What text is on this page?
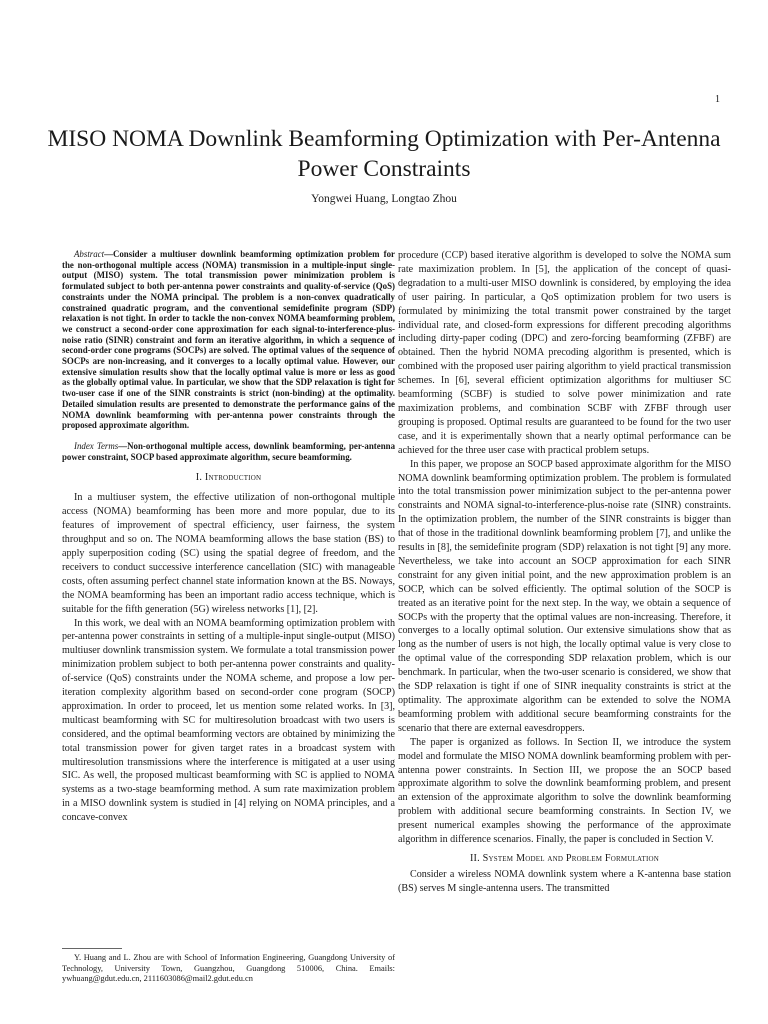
1
MISO NOMA Downlink Beamforming Optimization with Per-Antenna Power Constraints
Yongwei Huang, Longtao Zhou

Abstract—Consider a multiuser downlink beamforming optimization problem for the non-orthogonal multiple access (NOMA) transmission in a multiple-input single-output (MISO) system. The total transmission power minimization problem is formulated subject to both per-antenna power constraints and quality-of-service (QoS) constraints under the NOMA principal. The problem is a non-convex quadratically constrained quadratic program, and the conventional semidefinite program (SDP) relaxation is not tight. In order to tackle the non-convex NOMA beamforming problem, we construct a second-order cone approximation for each signal-to-interference-plus-noise ratio (SINR) constraint and form an iterative algorithm, in which a sequence of second-order cone programs (SOCPs) are solved. The optimal values of the sequence of SOCPs are non-increasing, and it converges to a locally optimal value. However, our extensive simulation results show that the locally optimal value is more or less as good as the globally optimal value. In particular, we show that the SDP relaxation is tight for two-user case if one of the SINR constraints is strict (non-binding) at the optimality. Detailed simulation results are presented to demonstrate the performance gains of the NOMA downlink beamforming with per-antenna power constraints through the proposed approximate algorithm.

Index Terms—Non-orthogonal multiple access, downlink beamforming, per-antenna power constraint, SOCP based approximate algorithm, secure beamforming.

I. Introduction

In a multiuser system, the effective utilization of non-orthogonal multiple access (NOMA) beamforming has been more and more popular, due to its features of improvement of spectral efficiency, user fairness, the system throughput and so on. The NOMA beamforming allows the base station (BS) to apply superposition coding (SC) using the spatial degree of freedom, and the receivers to conduct successive interference cancellation (SIC) with manageable costs, often assuming perfect channel state information known at the BS. Noways, the NOMA beamforming has been an important radio access technique, which is suitable for the fifth generation (5G) wireless networks [1], [2].

In this work, we deal with an NOMA beamforming optimization problem with per-antenna power constraints in setting of a multiple-input single-output (MISO) multiuser downlink transmission system. We formulate a total transmission power minimization problem subject to both per-antenna power constraints and quality-of-service (QoS) constraints under the NOMA scheme, and propose a low per-iteration complexity algorithm based on second-order cone program (SOCP) approximation. In order to proceed, let us mention some related works. In [3], multicast beamforming with SC for multiresolution broadcast with two users is considered, and the optimal beamforming vectors are obtained by minimizing the total transmission power for given target rates in a broadcast system with multiresolution transmissions where the interference is mitigated at a user using SIC. As well, the proposed multicast beamforming with SC is applied to NOMA systems as a two-stage beamforming method. A sum rate maximization problem in a MISO downlink system is studied in [4] relying on NOMA principles, and a concave-convex

Y. Huang and L. Zhou are with School of Information Engineering, Guangdong University of Technology, University Town, Guangzhou, Guangdong 510006, China. Emails: ywhuang@gdut.edu.cn, 2111603086@mail2.gdut.edu.cn

procedure (CCP) based iterative algorithm is developed to solve the NOMA sum rate maximization problem. In [5], the application of the concept of quasi-degradation to a multi-user MISO downlink is considered, by employing the idea of user pairing. In particular, a QoS optimization problem for two users is formulated by minimizing the total transmit power constrained by the target individual rate, and closed-form expressions for different precoding algorithms including dirty-paper coding (DPC) and zero-forcing beamforming (ZFBF) are obtained. Then the hybrid NOMA precoding algorithm is presented, which is combined with the proposed user pairing algorithm to yield practical transmission schemes. In [6], several efficient optimization algorithms for multiuser SC beamforming (SCBF) is studied to solve power minimization and rate maximization problems, and combination SCBF with ZFBF through user grouping is proposed. Optimal results are guaranteed to be found for the two user case, and it is experimentally shown that a nearly optimal performance can be achieved for the three user case with practical problem setups.

In this paper, we propose an SOCP based approximate algorithm for the MISO NOMA downlink beamforming optimization problem. The problem is formulated into the total transmission power minimization subject to the per-antenna power constraints and NOMA signal-to-interference-plus-noise rate (SINR) constraints. In the optimization problem, the number of the SINR constraints is bigger than that of those in the traditional downlink beamforming problem [7], and unlike the results in [8], the semidefinite program (SDP) relaxation is not tight [9] any more. Nevertheless, we take into account an SOCP approximation for each SINR constraint for any given initial point, and the new approximation problem is an SOCP, which can be solved efficiently. The optimal solution of the SOCP is treated as an iterative point for the next step. In the way, we obtain a sequence of SOCPs with the property that the optimal values are non-increasing. Therefore, it converges to a locally optimal solution. Our extensive simulations show that as long as the number of users is not high, the locally optimal value is very close to the optimal value of the corresponding SDP relaxation problem, which is our benchmark. In particular, when the two-user scenario is considered, we show that the SDP relaxation is tight if one of SINR inequality constraints is strict at the optimality. The approximate algorithm can be extended to solve the NOMA beamforming problem with additional secure beamforming constraints for the scenario that there are external eavesdroppers.

The paper is organized as follows. In Section II, we introduce the system model and formulate the MISO NOMA downlink beamforming problem with per-antenna power constraints. In Section III, we propose the an SOCP based approximate algorithm to solve the downlink beamforming problem, and present an extension of the approximate algorithm to solve the downlink beamforming problem with additional secure beamforming constraints. In Section IV, we present numerical examples showing the performance of the approximate algorithm in difference scenarios. Finally, the paper is concluded in Section V.

II. System Model and Problem Formulation

Consider a wireless NOMA downlink system where a K-antenna base station (BS) serves M single-antenna users. The transmitted
